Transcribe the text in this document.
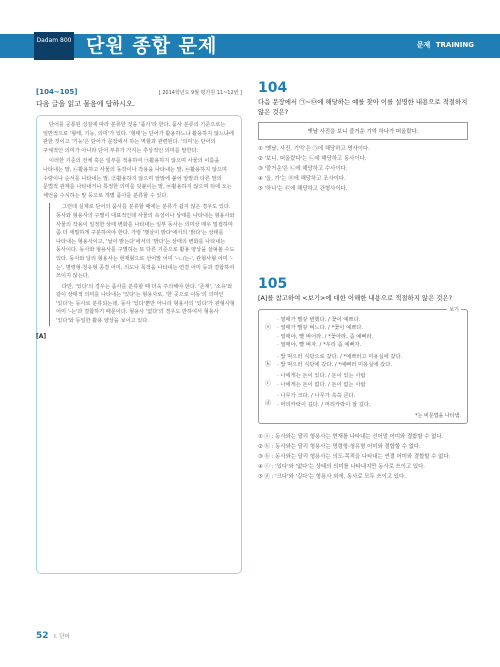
Dadam 800 단원 종합 문제	문제 TRAINING
[104~105]	[ 2014학년도 9월 평가원 11~12번 ]
다음 글을 읽고 물음에 답하시오.

단어를 공통된 성질에 따라 분류한 것을 '품사'라 한다. 품사 분류의 기준으로는 일반적으로 '형태, 기능, 의미'가 있다. '형태'는 단어가 활용하느냐 활용하지 않느냐에 관한 것이고 '기능'은 단어가 문장에서 하는 역할과 관련된다. '의미'는 단어의 구체적인 의미가 아니라 단어 부류가 가지는 추상적인 의미를 말한다.

이러한 기준의 전체 혹은 일부를 적용하여 ㉠활용하지 않으며 사물의 이름을 나타내는 말, ㉡활용하고 사물의 동작이나 작용을 나타내는 말, ㉢활용하지 않으며 수량이나 순서를 나타내는 말, ㉣활용하지 않으며 앞말에 붙어 앞말과 다른 말의 문법적 관계를 나타내거나 특정한 의미를 덧붙이는 말, ㉤활용하지 않으며 뒤에 오는 체언을 수식하는 말 등으로 개별 품사를 분류할 수 있다.

[A]

그런데 실제로 단어의 품사를 분류할 때에는 분류가 쉽지 않은 경우도 있다. 동사와 형용사의 구별이 대표적인데 사물의 속성이나 상태를 나타내는 형용사와 사물의 작용이 일정한 상태 변화를 나타내는 일부 동사는 의미상 매우 밀접하여 좀 더 세밀하게 구분하여야 한다. 가령 '햇살이 밝다'에서의 '밝다'는 상태를 나타내는 형용사이고, '날이 밝는다'에서의 '밝다'는 상태의 변화를 나타내는 동사이다. 동사와 형용사를 구별하는 또 다른 기준으로 활용 양상을 살펴볼 수도 있다. 동사와 달리 형용사는 현재형으로 선어말 어미 '-ㄴ/는-', 관형사형 어미 '-는', 명령형·청유형 종결 어미, 의도나 목적을 나타내는 연결 어미 등과 결합하여 쓰이지 않는다.

다만, '있다'의 경우는 품사를 분류할 때 더욱 주의해야 한다. '존재', '소유'와 같이 상태적 의미를 나타내는 '있다'는 형용사로, '한 곳으로 이동'의 의미인 '있다'는 동사로 분류되는데, 동사 '있다'뿐만 아니라 형용사의 '있다'가 관형사형 어미 '-는'과 결합하기 때문이다. 형용사 '없다'의 경우도 반하여서 형용사 '있다'와 동일한 활용 양상을 보이고 있다.

104
다음 문장에서 ㉠~㉤에 해당하는 예를 찾아 이를 설명한 내용으로 적절하지 않은 것은?
옛날 사진을 보니 즐거운 기억 하나가 떠올랐다.
① '옛날, 사진, 기억'은 ㉠에 해당하고 명사이다.
② '보니, 떠올랐다'는 ㉡에 해당하고 동사이다.
③ '즐거운'은 ㉡에 해당하고 수사이다.
④ '을, 가'는 ㉣에 해당하고 조사이다.
⑤ '하나'는 ㉢에 해당하고 관형사이다.
105
[A]를 참고하여 <보기>에 대한 이해한 내용으로 적절하지 않은 것은?
보기
ⓐ
· 열매가 빨갛 변했다. / 꽃이 예쁘다.
· 열매가 빨갛 벼느다. / *꽃이 예쁘다.
· 열매야, 빨 벼어라. / *꽃아라, 좀 예뻐라.
· 열매야, 빨 벼자. / *우리 좀 예뻐자.
ⓑ
· 밥 먹으러 식당으로 갔다. / *예쁘러고 미용실에 갔다.
· 밥 먹으러 식당에 갔다. / *예뻐러 미용실에 갔다.
ⓒ
· 나에게는 돈이 있다. / 돈이 있는 사람
· 나에게는 돈이 없다. / 돈이 없는 사람
ⓓ
· 나무가 크다. / 나무가 쑥쑥 큰다.
· 머리카락이 길다. / 머리카락이 잘 길다.
*는 비문법을 나타냄.
① ⓐ : 동사와는 달리 형용사는 현재를 나타내는 선어말 어미와 결합할 수 없다.
② ⓑ : 동사와는 달리 형용사는 명령형·청유형 어미와 결합할 수 없다.
③ ⓑ : 동사와는 달리 형용사는 의도·목적을 나타내는 연결 어미와 결합할 수 없다.
④ ⓒ : '있다'와 '없다'는 상태의 의미를 나타내지만 동사로 쓰이고 있다.
⑤ ⓓ : '크다'와 '길다'는 형용사 외에, 동사로 모두 쓰이고 있다.
52 I. 단어
